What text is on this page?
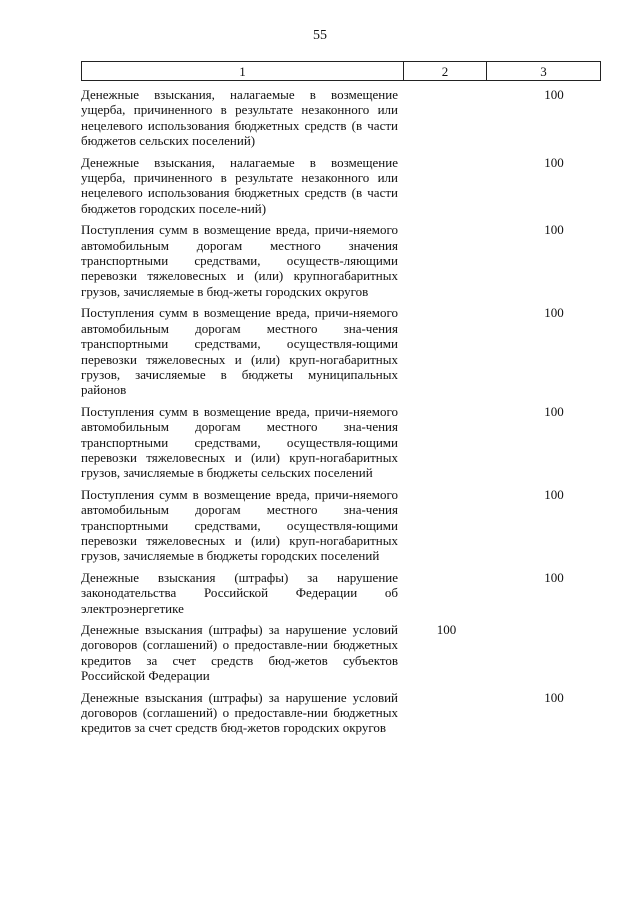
55
1	2	3
Денежные взыскания, налагаемые в возмещение ущерба, причиненного в результате незаконного или нецелевого использования бюджетных средств (в части бюджетов сельских поселений)
100
Денежные взыскания, налагаемые в возмещение ущерба, причиненного в результате незаконного или нецелевого использования бюджетных средств (в части бюджетов городских поселе-ний)
100
Поступления сумм в возмещение вреда, причи-няемого автомобильным дорогам местного значения транспортными средствами, осуществ-ляющими перевозки тяжеловесных и (или) крупногабаритных грузов, зачисляемые в бюд-жеты городских округов
100
Поступления сумм в возмещение вреда, причи-няемого автомобильным дорогам местного зна-чения транспортными средствами, осуществля-ющими перевозки тяжеловесных и (или) круп-ногабаритных грузов, зачисляемые в бюджеты муниципальных районов
100
Поступления сумм в возмещение вреда, причи-няемого автомобильным дорогам местного зна-чения транспортными средствами, осуществля-ющими перевозки тяжеловесных и (или) круп-ногабаритных грузов, зачисляемые в бюджеты сельских поселений
100
Поступления сумм в возмещение вреда, причи-няемого автомобильным дорогам местного зна-чения транспортными средствами, осуществля-ющими перевозки тяжеловесных и (или) круп-ногабаритных грузов, зачисляемые в бюджеты городских поселений
100
Денежные взыскания (штрафы) за нарушение законодательства Российской Федерации об электроэнергетике
100
Денежные взыскания (штрафы) за нарушение условий договоров (соглашений) о предоставле-нии бюджетных кредитов за счет средств бюд-жетов субъектов Российской Федерации
100
Денежные взыскания (штрафы) за нарушение условий договоров (соглашений) о предоставле-нии бюджетных кредитов за счет средств бюд-жетов городских округов
100
